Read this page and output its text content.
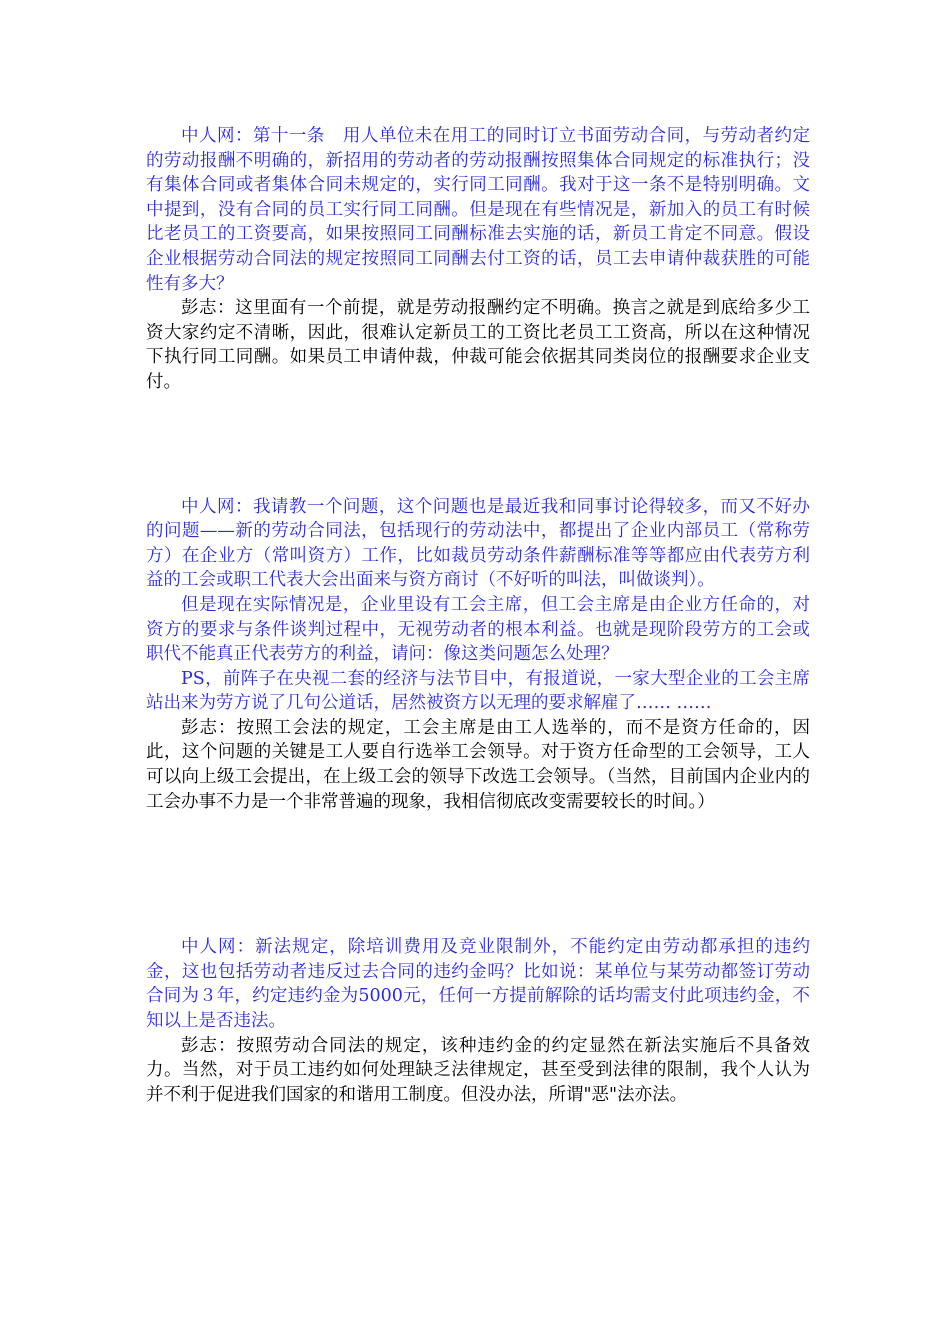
中人网：第十一条　用人单位未在用工的同时订立书面劳动合同，与劳动者约定的劳动报酬不明确的，新招用的劳动者的劳动报酬按照集体合同规定的标准执行；没有集体合同或者集体合同未规定的，实行同工同酬。我对于这一条不是特别明确。文中提到，没有合同的员工实行同工同酬。但是现在有些情况是，新加入的员工有时候比老员工的工资要高，如果按照同工同酬标准去实施的话，新员工肯定不同意。假设企业根据劳动合同法的规定按照同工同酬去付工资的话，员工去申请仲裁获胜的可能性有多大？

彭志：这里面有一个前提，就是劳动报酬约定不明确。换言之就是到底给多少工资大家约定不清晰，因此，很难认定新员工的工资比老员工工资高，所以在这种情况下执行同工同酬。如果员工申请仲裁，仲裁可能会依据其同类岗位的报酬要求企业支付。

中人网：我请教一个问题，这个问题也是最近我和同事讨论得较多，而又不好办的问题——新的劳动合同法，包括现行的劳动法中，都提出了企业内部员工（常称劳方）在企业方（常叫资方）工作，比如裁员劳动条件薪酬标准等等都应由代表劳方利益的工会或职工代表大会出面来与资方商讨（不好听的叫法，叫做谈判）。

但是现在实际情况是，企业里设有工会主席，但工会主席是由企业方任命的，对资方的要求与条件谈判过程中，无视劳动者的根本利益。也就是现阶段劳方的工会或职代不能真正代表劳方的利益，请问：像这类问题怎么处理？

PS，前阵子在央视二套的经济与法节目中，有报道说，一家大型企业的工会主席站出来为劳方说了几句公道话，居然被资方以无理的要求解雇了…… ……

彭志：按照工会法的规定，工会主席是由工人选举的，而不是资方任命的，因此，这个问题的关键是工人要自行选举工会领导。对于资方任命型的工会领导，工人可以向上级工会提出，在上级工会的领导下改选工会领导。（当然，目前国内企业内的工会办事不力是一个非常普遍的现象，我相信彻底改变需要较长的时间。）

中人网：新法规定，除培训费用及竞业限制外，不能约定由劳动都承担的违约金，这也包括劳动者违反过去合同的违约金吗？比如说：某单位与某劳动都签订劳动合同为３年，约定违约金为5000元，任何一方提前解除的话均需支付此项违约金，不知以上是否违法。

彭志：按照劳动合同法的规定，该种违约金的约定显然在新法实施后不具备效力。当然，对于员工违约如何处理缺乏法律规定，甚至受到法律的限制，我个人认为并不利于促进我们国家的和谐用工制度。但没办法，所谓"恶"法亦法。
